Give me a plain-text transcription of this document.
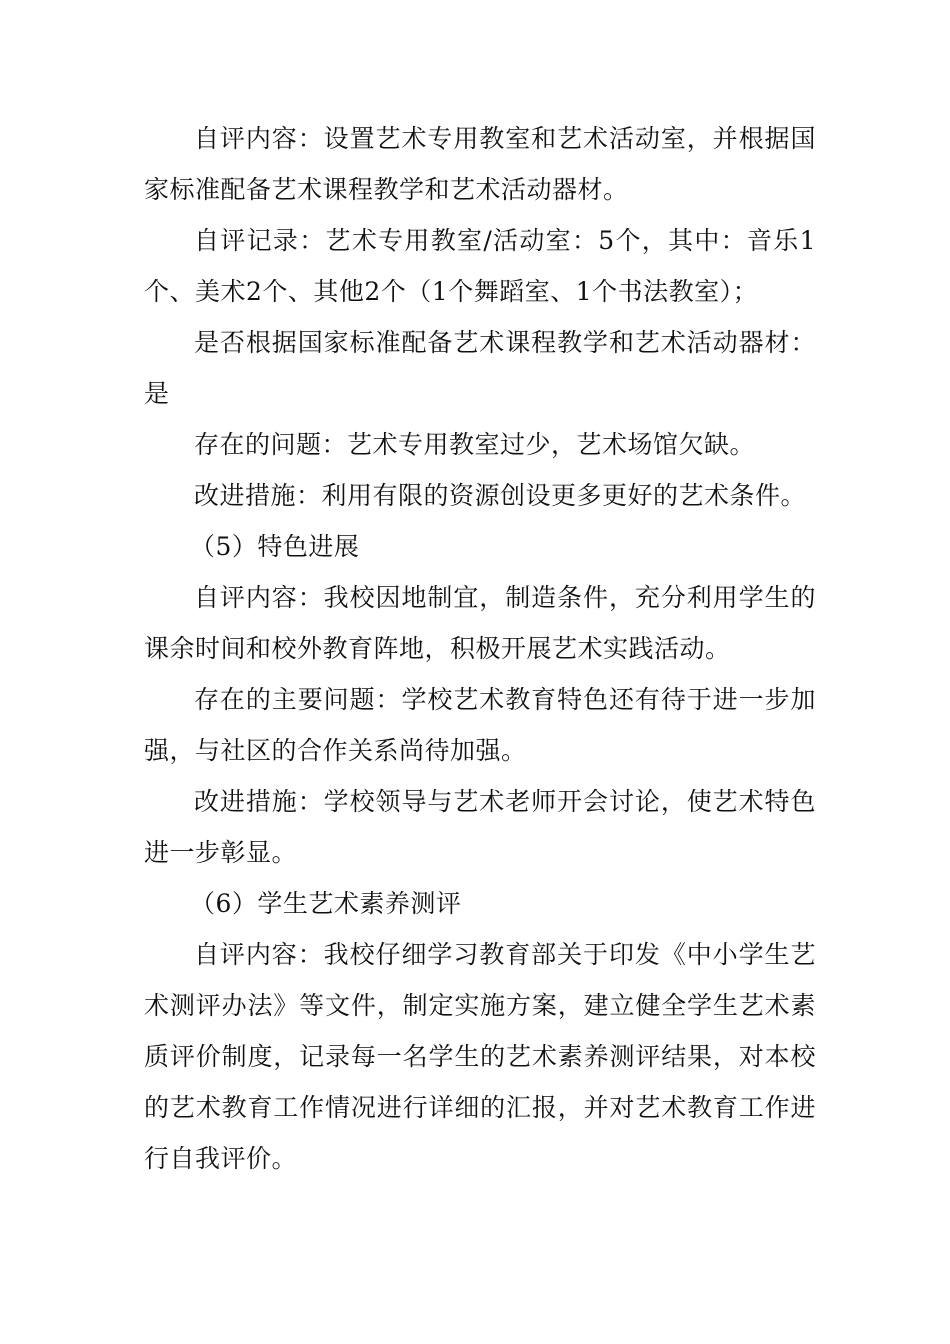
自评内容：设置艺术专用教室和艺术活动室，并根据国家标准配备艺术课程教学和艺术活动器材。

自评记录：艺术专用教室/活动室：5个，其中：音乐1个、美术2个、其他2个（1个舞蹈室、1个书法教室）；

是否根据国家标准配备艺术课程教学和艺术活动器材：是

存在的问题：艺术专用教室过少，艺术场馆欠缺。

改进措施：利用有限的资源创设更多更好的艺术条件。

（5）特色进展

自评内容：我校因地制宜，制造条件，充分利用学生的课余时间和校外教育阵地，积极开展艺术实践活动。

存在的主要问题：学校艺术教育特色还有待于进一步加强，与社区的合作关系尚待加强。

改进措施：学校领导与艺术老师开会讨论，使艺术特色进一步彰显。

（6）学生艺术素养测评

自评内容：我校仔细学习教育部关于印发《中小学生艺术测评办法》等文件，制定实施方案，建立健全学生艺术素质评价制度，记录每一名学生的艺术素养测评结果，对本校的艺术教育工作情况进行详细的汇报，并对艺术教育工作进行自我评价。
